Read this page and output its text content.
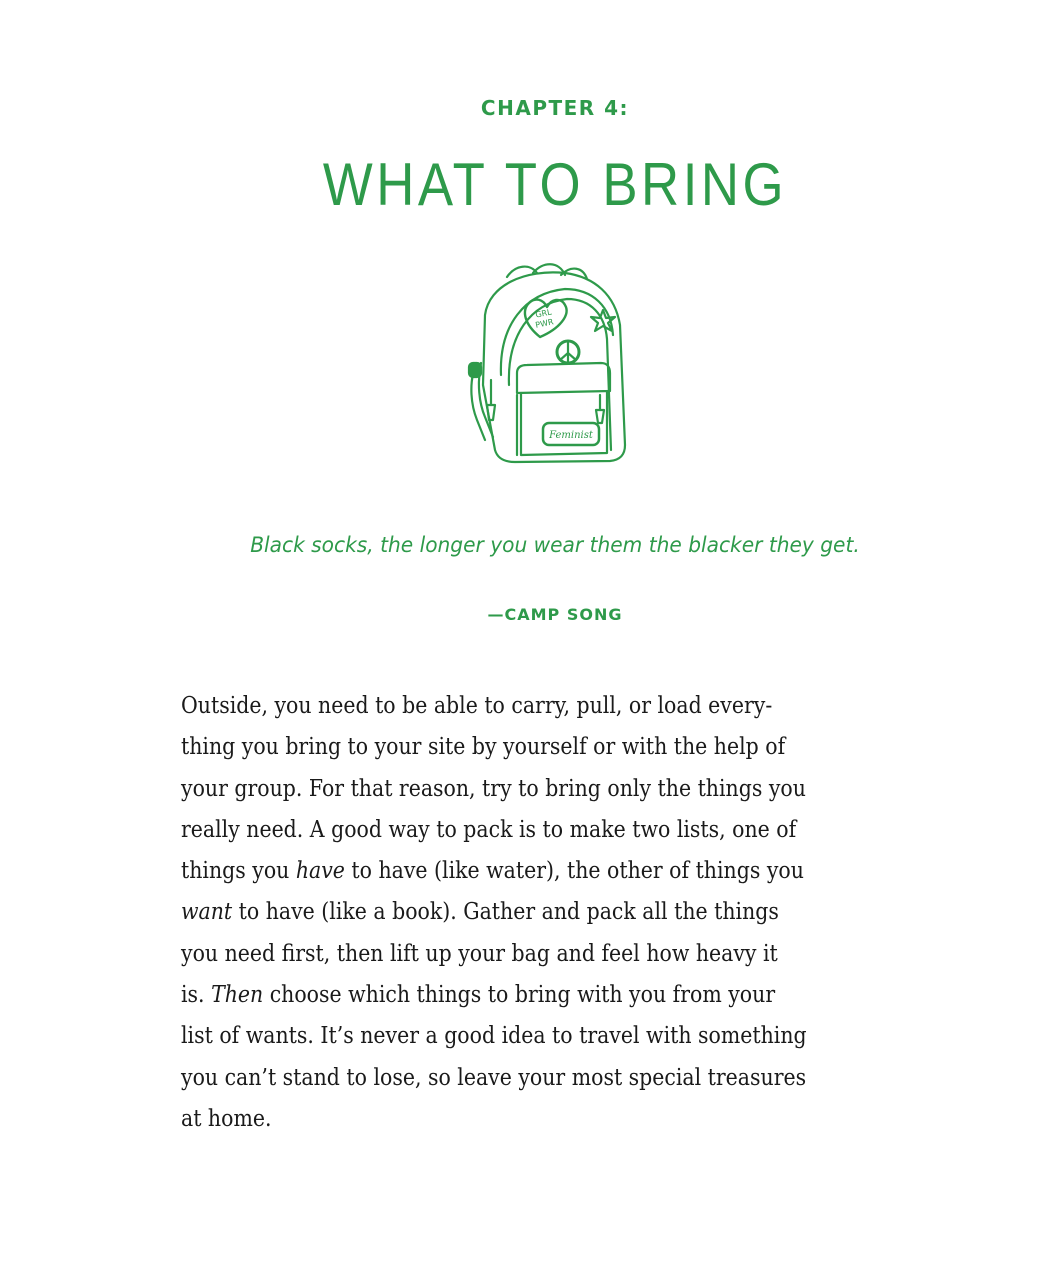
CHAPTER 4:
WHAT TO BRING
Feminist
GRL
PWR
Black socks, the longer you wear them the blacker they get.
—CAMP SONG
Outside, you need to be able to carry, pull, or load every-
thing you bring to your site by yourself or with the help of
your group. For that reason, try to bring only the things you
really need. A good way to pack is to make two lists, one of
things you have to have (like water), the other of things you
want to have (like a book). Gather and pack all the things
you need first, then lift up your bag and feel how heavy it
is. Then choose which things to bring with you from your
list of wants. It’s never a good idea to travel with something
you can’t stand to lose, so leave your most special treasures
at home.
